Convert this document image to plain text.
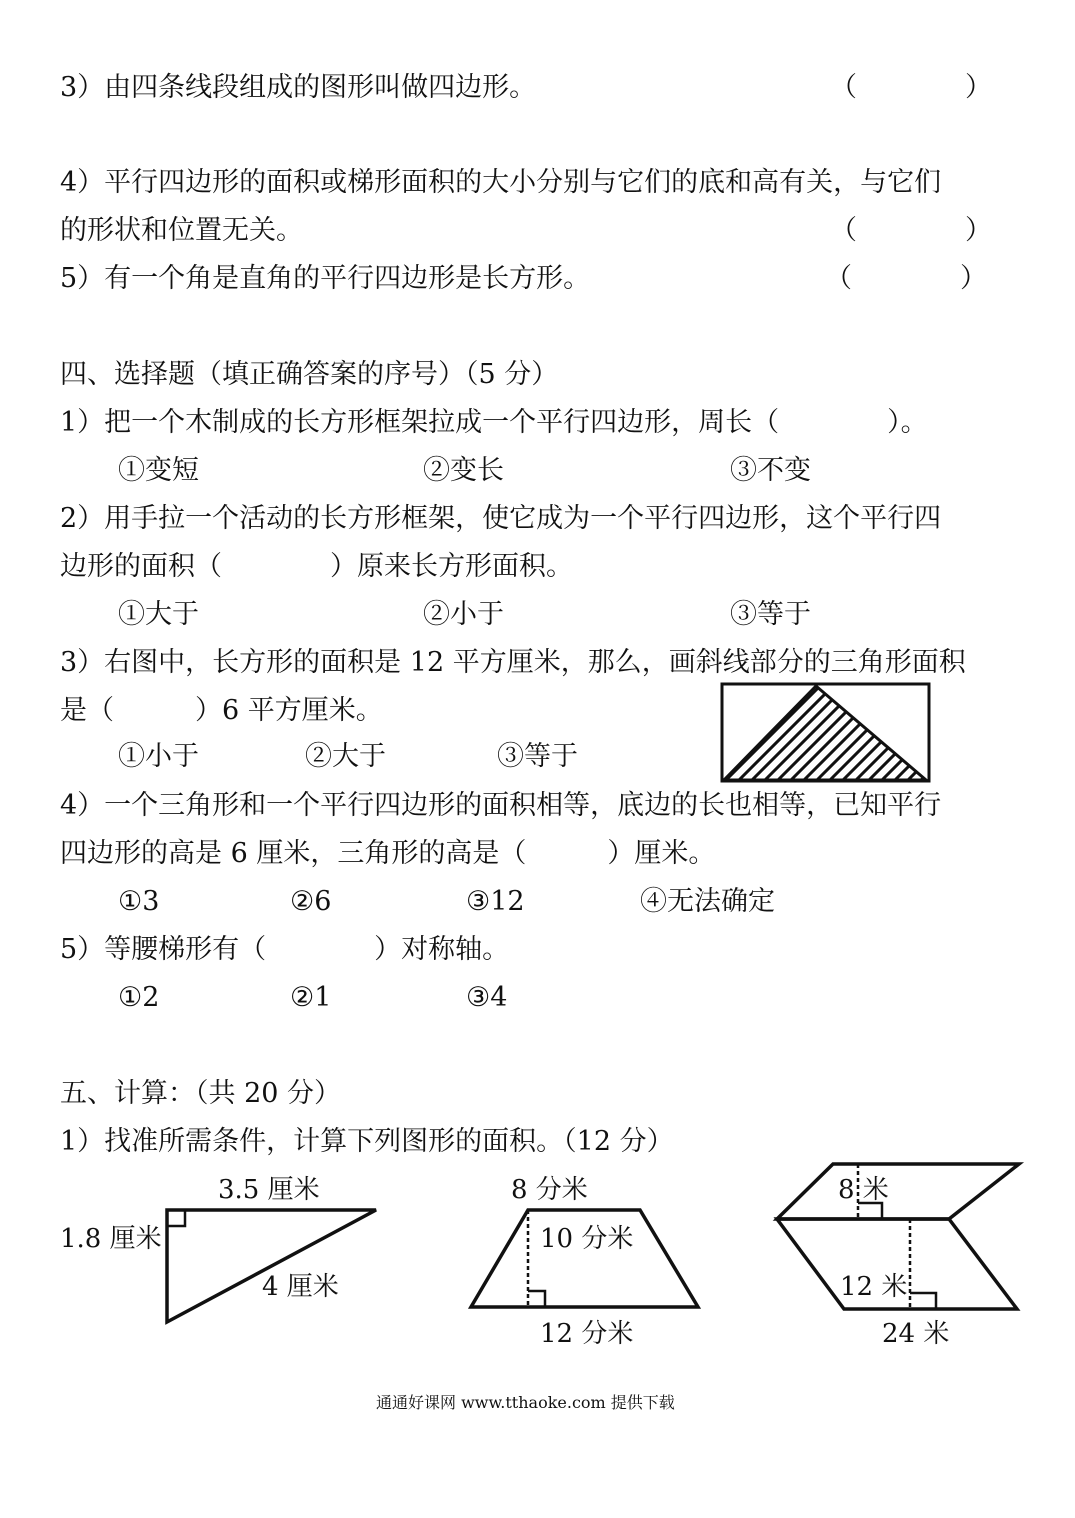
3）由四条线段组成的图形叫做四边形。	（　　　　）
4）平行四边形的面积或梯形面积的大小分别与它们的底和高有关，与它们
的形状和位置无关。	（　　　　）
5）有一个角是直角的平行四边形是长方形。	（　　　　）
四、选择题（填正确答案的序号）（5 分）
1）把一个木制成的长方形框架拉成一个平行四边形，周长（　　　　）。
①变短	②变长	③不变
2）用手拉一个活动的长方形框架，使它成为一个平行四边形，这个平行四
边形的面积（　　　　）原来长方形面积。
①大于	②小于	③等于
3）右图中，长方形的面积是 12 平方厘米，那么，画斜线部分的三角形面积
是（　　　）6 平方厘米。
①小于	②大于	③等于
4）一个三角形和一个平行四边形的面积相等，底边的长也相等，已知平行
四边形的高是 6 厘米，三角形的高是（　　　）厘米。
①3	②6	③12	④无法确定
5）等腰梯形有（　　　　）对称轴。
①2	②1	③4
五、计算：（共 20 分）
1）找准所需条件，计算下列图形的面积。（12 分）
3.5 厘米
1.8 厘米
4 厘米
8 分米
10 分米
12 分米
8 米
12 米
24 米
通通好课网 www.tthaoke.com 提供下载
